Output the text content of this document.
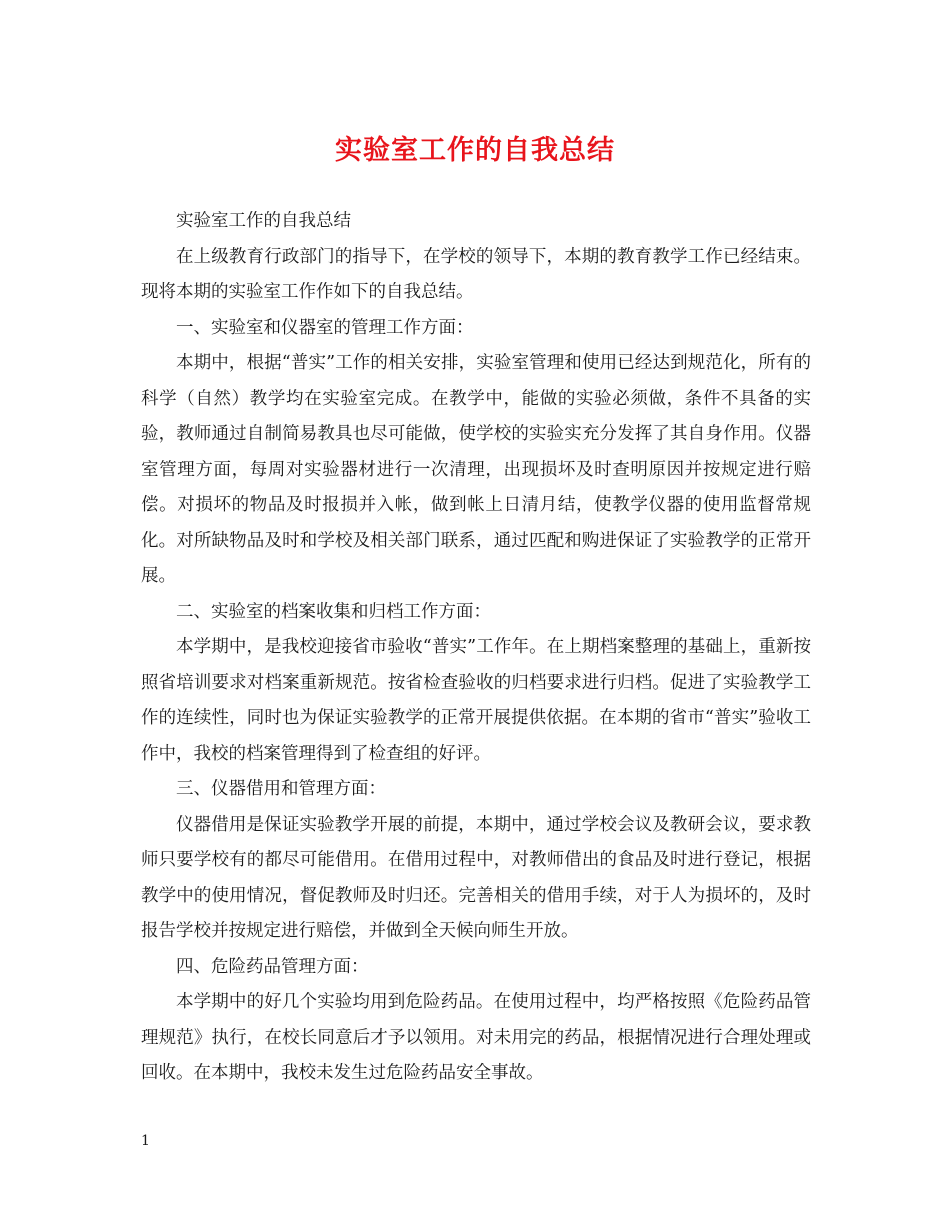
实验室工作的自我总结

实验室工作的自我总结

在上级教育行政部门的指导下，在学校的领导下，本期的教育教学工作已经结束。现将本期的实验室工作作如下的自我总结。

一、实验室和仪器室的管理工作方面：

本期中，根据“普实”工作的相关安排，实验室管理和使用已经达到规范化，所有的科学（自然）教学均在实验室完成。在教学中，能做的实验必须做，条件不具备的实验，教师通过自制简易教具也尽可能做，使学校的实验实充分发挥了其自身作用。仪器室管理方面，每周对实验器材进行一次清理，出现损坏及时查明原因并按规定进行赔偿。对损坏的物品及时报损并入帐，做到帐上日清月结，使教学仪器的使用监督常规化。对所缺物品及时和学校及相关部门联系，通过匹配和购进保证了实验教学的正常开展。

二、实验室的档案收集和归档工作方面：

本学期中，是我校迎接省市验收“普实”工作年。在上期档案整理的基础上，重新按照省培训要求对档案重新规范。按省检查验收的归档要求进行归档。促进了实验教学工作的连续性，同时也为保证实验教学的正常开展提供依据。在本期的省市“普实”验收工作中，我校的档案管理得到了检查组的好评。

三、仪器借用和管理方面：

仪器借用是保证实验教学开展的前提，本期中，通过学校会议及教研会议，要求教师只要学校有的都尽可能借用。在借用过程中，对教师借出的食品及时进行登记，根据教学中的使用情况，督促教师及时归还。完善相关的借用手续，对于人为损坏的，及时报告学校并按规定进行赔偿，并做到全天候向师生开放。

四、危险药品管理方面：

本学期中的好几个实验均用到危险药品。在使用过程中，均严格按照《危险药品管理规范》执行，在校长同意后才予以领用。对未用完的药品，根据情况进行合理处理或回收。在本期中，我校未发生过危险药品安全事故。

1
